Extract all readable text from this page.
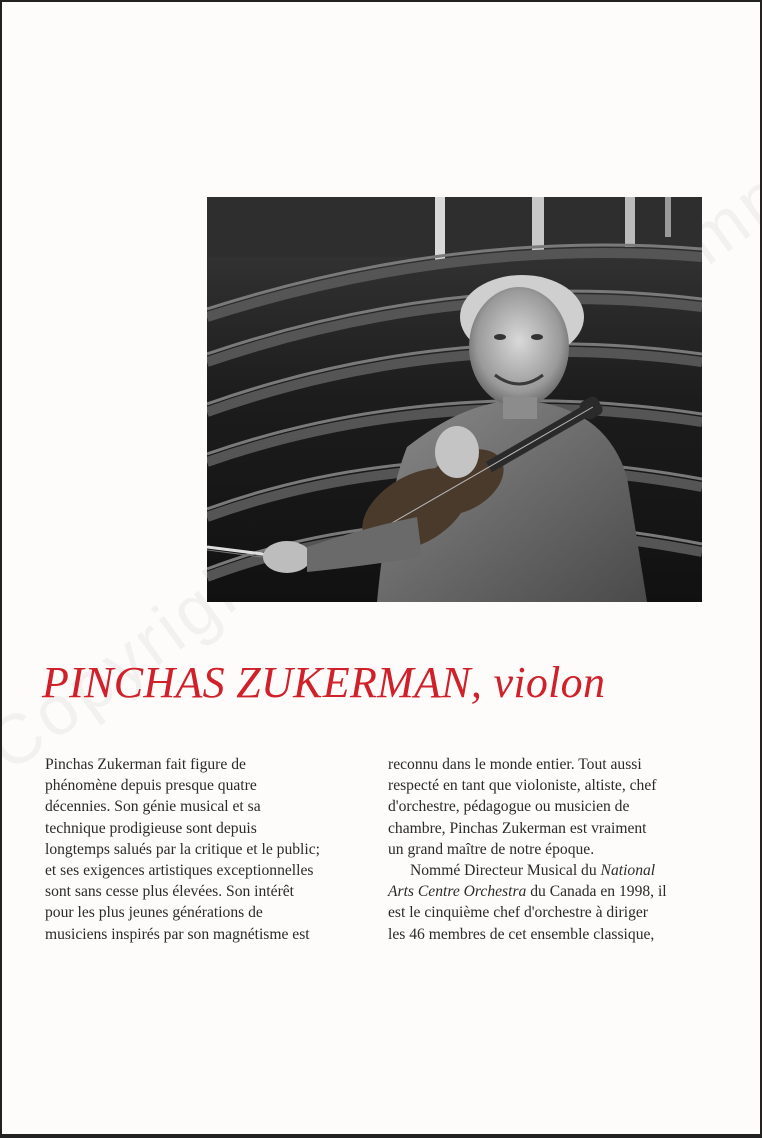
PINCHAS ZUKERMAN, violon

Pinchas Zukerman fait figure de
phénomène depuis presque quatre
décennies. Son génie musical et sa
technique prodigieuse sont depuis
longtemps salués par la critique et le public;
et ses exigences artistiques exceptionnelles
sont sans cesse plus élevées. Son intérêt
pour les plus jeunes générations de
musiciens inspirés par son magnétisme est

reconnu dans le monde entier. Tout aussi
respecté en tant que violoniste, altiste, chef
d'orchestre, pédagogue ou musicien de
chambre, Pinchas Zukerman est vraiment
un grand maître de notre époque.

Nommé Directeur Musical du National
Arts Centre Orchestra du Canada en 1998, il
est le cinquième chef d'orchestre à diriger
les 46 membres de cet ensemble classique,
